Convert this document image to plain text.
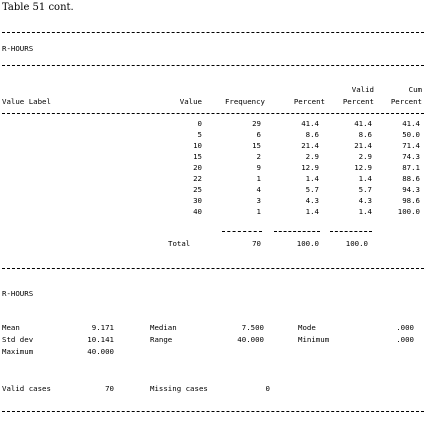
Table 51 cont.
R-HOURS
Valid	Cum
Value Label	Value	Frequency	Percent	Percent	Percent
0	29	41.4	41.4	41.4
5	6	8.6	8.6	50.0
10	15	21.4	21.4	71.4
15	2	2.9	2.9	74.3
20	9	12.9	12.9	87.1
22	1	1.4	1.4	88.6
25	4	5.7	5.7	94.3
30	3	4.3	4.3	98.6
40	1	1.4	1.4	100.0
Total	70	100.0	100.0
R-HOURS
Mean	9.171	Median	7.500	Mode	.000
Std dev	10.141	Range	40.000	Minimum	.000
Maximum	40.000
Valid cases	70	Missing cases	0
